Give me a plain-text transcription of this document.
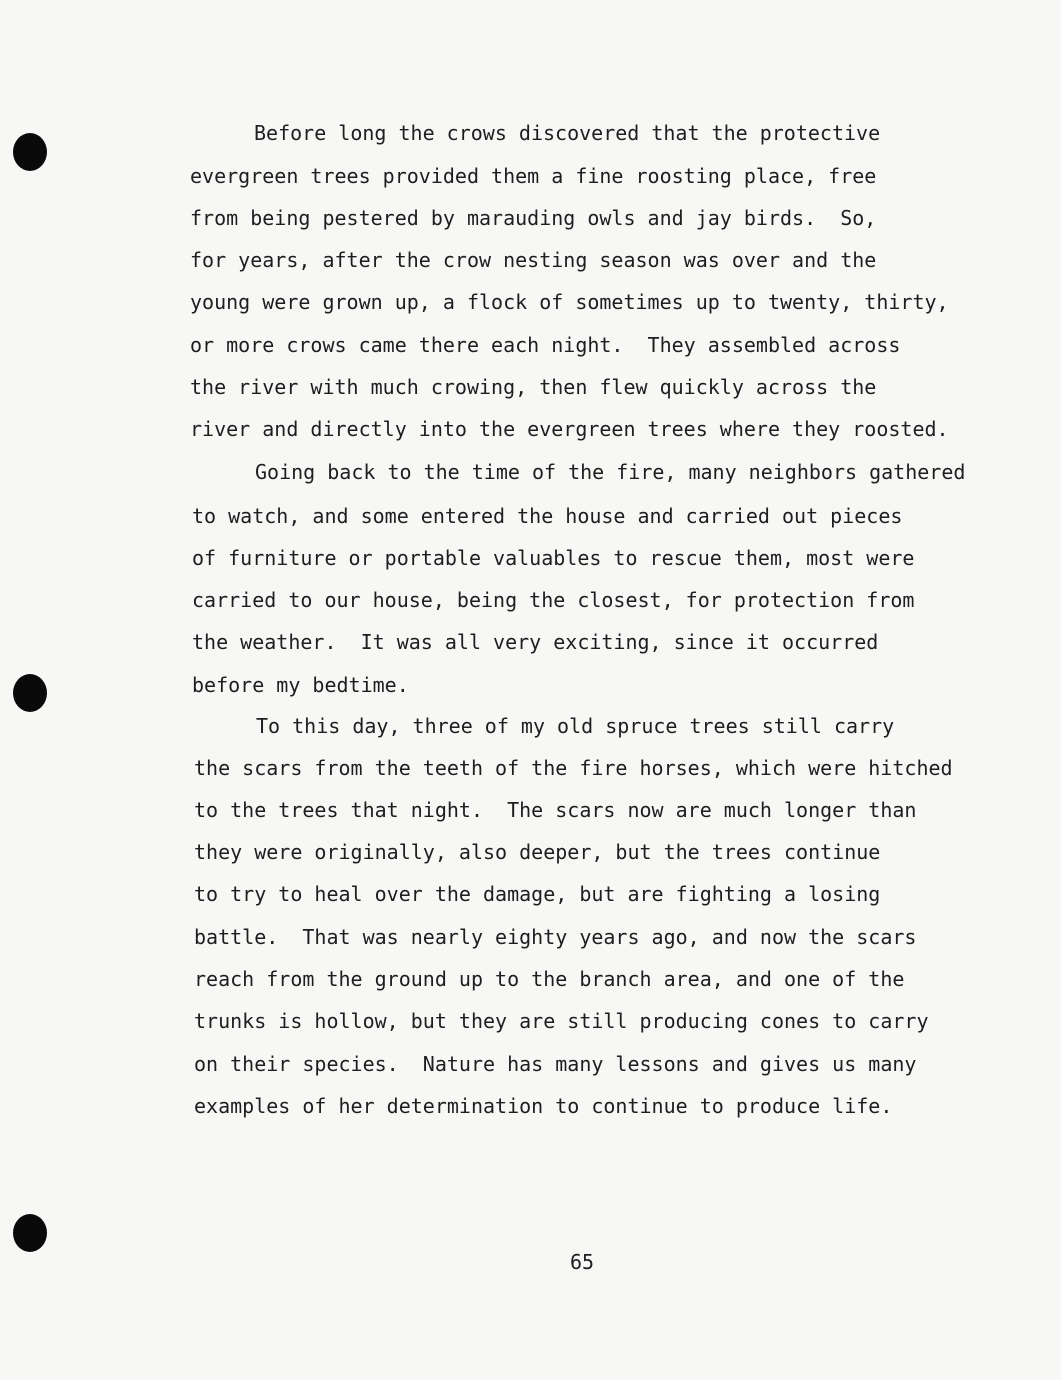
Before long the crows discovered that the protective
evergreen trees provided them a fine roosting place, free
from being pestered by marauding owls and jay birds.  So,
for years, after the crow nesting season was over and the
young were grown up, a flock of sometimes up to twenty, thirty,
or more crows came there each night.  They assembled across
the river with much crowing, then flew quickly across the
river and directly into the evergreen trees where they roosted.
Going back to the time of the fire, many neighbors gathered
to watch, and some entered the house and carried out pieces
of furniture or portable valuables to rescue them, most were
carried to our house, being the closest, for protection from
the weather.  It was all very exciting, since it occurred
before my bedtime.
To this day, three of my old spruce trees still carry
the scars from the teeth of the fire horses, which were hitched
to the trees that night.  The scars now are much longer than
they were originally, also deeper, but the trees continue
to try to heal over the damage, but are fighting a losing
battle.  That was nearly eighty years ago, and now the scars
reach from the ground up to the branch area, and one of the
trunks is hollow, but they are still producing cones to carry
on their species.  Nature has many lessons and gives us many
examples of her determination to continue to produce life.
65
